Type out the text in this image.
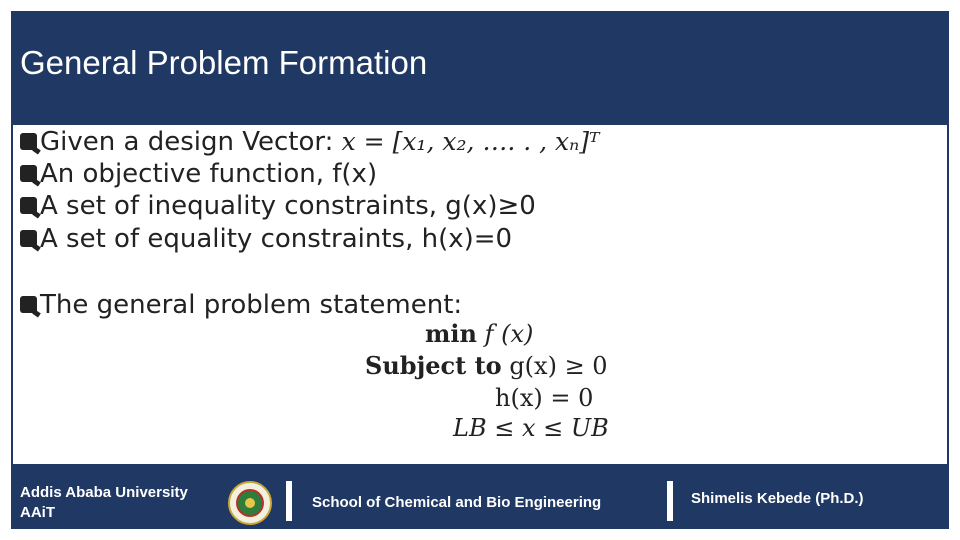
General Problem Formation
Given a design Vector: x = [x₁, x₂, …. . , xₙ]ᵀ
An objective function, f(x)
A set of inequality constraints, g(x)≥0
A set of equality constraints, h(x)=0
The general problem statement:
min f (x)
Subject to g(x) ≥ 0
h(x) = 0
LB ≤ x ≤ UB
Addis Ababa University
AAiT
School of Chemical and Bio Engineering	Shimelis Kebede (Ph.D.)
